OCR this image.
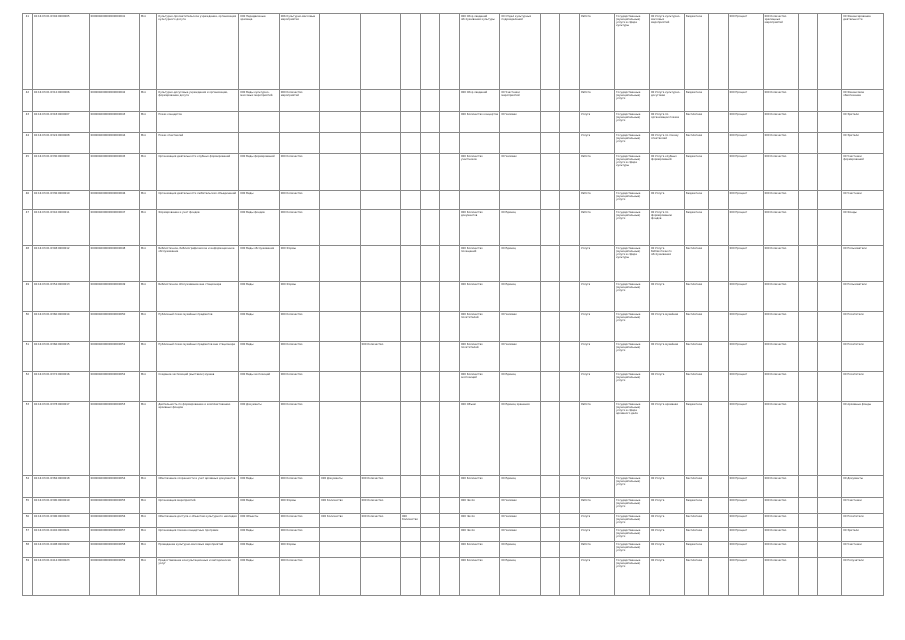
41	02:16:03:01:0304:0000005	000004000000000000041	Мсо	Культурно-просветительское учреждение, организация культурного досуга	000 Передвижные зрелища	006 Культурно-массовые мероприятия						000 Сбор сведений обслуживания культуры	00 Отдел культурных подразделений			Работа	Государственные (муниципальные) услуги в сфере культуры	00 Услуга культурно-массовых мероприятий	Бюджетное		000 Процент	000 Количество зрелищных мероприятий			00 Финансирование деятельности
42	02:16:03:01:0312:0000006	000004000000000000042	Мсо	Культурно-досуговые учреждения и организации, формирование досуга	000 Виды культурно-массовых мероприятий	000 Количество мероприятий						000 Сбор сведений	00 Участники мероприятий			Работа	Государственные (муниципальные) услуги	00 Услуга культурно-досуговая	Бюджетное		000 Процент	000 Количество			00 Финансовое обеспечение
43	02:16:03:01:0318:0000007	000004000000000000043	Мсо	Показ концертов								000 Количество концертов	00 Человек			Услуга	Государственные (муниципальные) услуги	00 Услуга по организации показа	Бесплатная		000 Процент	000 Количество			00 Зрители
44	02:16:03:01:0324:0000008	000004000000000000044	Мсо	Показ спектаклей												Услуга	Государственные (муниципальные) услуги	00 Услуга по показу спектаклей	Бесплатная		000 Процент	000 Количество			00 Зрители
45	02:16:03:01:0330:0000009	000004000000000000045	Мсо	Организация деятельности клубных формирований	000 Виды формирований	000 Количество						000 Количество участников	00 Человек			Работа	Государственные (муниципальные) услуги в сфере культуры	00 Услуга клубных формирований	Бюджетное		000 Процент	000 Количество			00 Участники формирований
46	02:16:03:01:0336:0000010	000004000000000000046	Мсо	Организация деятельности любительских объединений	000 Виды	000 Количество										Работа	Государственные (муниципальные) услуги	00 Услуга	Бюджетное		000 Процент	000 Количество			00 Участники
47	02:16:03:01:0342:0000011	000004000000000000047	Мсо	Формирование и учет фондов	000 Виды фондов	000 Количество						000 Количество документов	00 Единиц			Работа	Государственные (муниципальные) услуги	00 Услуга по формированию фондов	Бюджетное		000 Процент	000 Количество			00 Фонды
48	02:16:03:01:0348:0000012	000004000000000000048	Мсо	Библиотечное, библиографическое и информационное обслуживание	000 Виды обслуживания	000 Формы						000 Количество посещений	00 Единиц			Услуга	Государственные (муниципальные) услуги в сфере культуры	00 Услуга библиотечного обслуживания	Бесплатная		000 Процент	000 Количество			00 Пользователи
49	02:16:03:01:0354:0000013	000004000000000000049	Мсо	Библиотечное обслуживание вне стационара	000 Виды	000 Формы						000 Количество	00 Единиц			Услуга	Государственные (муниципальные) услуги	00 Услуга	Бесплатная		000 Процент	000 Количество			00 Пользователи
50	02:16:03:01:0360:0000014	000004000000000000050	Мсо	Публичный показ музейных предметов	000 Виды	000 Количество						000 Количество посетителей	00 Человек			Услуга	Государственные (муниципальные) услуги	00 Услуга музейная	Бесплатная		000 Процент	000 Количество			00 Посетители
51	02:16:03:01:0366:0000015	000004000000000000051	Мсо	Публичный показ музейных предметов вне стационара	000 Виды	000 Количество		000 Количество				000 Количество посетителей	00 Человек			Услуга	Государственные (муниципальные) услуги	00 Услуга музейная	Бесплатная		000 Процент	000 Количество			00 Посетители
52	02:16:03:01:0372:0000016	000004000000000000052	Мсо	Создание экспозиций (выставок) музеев	000 Виды экспозиций	000 Количество						000 Количество экспозиций	00 Единиц			Услуга	Государственные (муниципальные) услуги	00 Услуга	Бесплатная		000 Процент	000 Количество			00 Посетители
53	02:16:03:01:0378:0000017	000004000000000000053	Мсо	Деятельность по формированию и комплектованию архивных фондов	000 Документы	000 Количество						000 Объем	00 Единиц хранения			Работа	Государственные (муниципальные) услуги в сфере архивного дела	00 Услуга архивная	Бюджетное		000 Процент	000 Количество			00 Архивные фонды
54	02:16:03:01:0384:0000018	000004000000000000054	Мсо	Обеспечение сохранности и учет архивных документов	000 Виды	000 Количество	000 Документы	000 Количество				000 Количество	00 Единиц			Услуга	Государственные (муниципальные) услуги	00 Услуга	Бесплатная		000 Процент	000 Количество			00 Документы
55	02:16:03:01:0390:0000019	000004000000000000055	Мсо	Организация мероприятий	000 Виды	000 Формы	000 Количество	000 Количество				000 Число	00 Человек			Работа	Государственные (муниципальные) услуги	00 Услуга	Бюджетное		000 Процент	000 Количество			00 Участники
56	02:16:03:01:0396:0000020	000004000000000000056	Мсо	Обеспечение доступа к объектам культурного наследия	000 Объекты	000 Количество	000 Количество	000 Количество	000 Количество			000 Число	00 Человек			Услуга	Государственные (муниципальные) услуги	00 Услуга	Бесплатная		000 Процент	000 Количество			00 Посетители
57	02:16:03:01:0402:0000021	000004000000000000057	Мсо	Организация показа концертных программ	000 Виды	000 Количество						000 Число	00 Человек			Услуга	Государственные (муниципальные) услуги	00 Услуга	Бесплатная		000 Процент	000 Количество			00 Зрители
58	02:16:03:01:0408:0000022	000004000000000000058	Мсо	Проведение культурно-массовых мероприятий	000 Виды	000 Формы						000 Количество	00 Единиц			Работа	Государственные (муниципальные) услуги	00 Услуга	Бюджетное		000 Процент	000 Количество			00 Участники
59	02:16:03:01:0414:0000023	000004000000000000059	Мсо	Предоставление консультационных и методических услуг	000 Виды	000 Количество						000 Количество	00 Единиц			Услуга	Государственные (муниципальные) услуги	00 Услуга	Бесплатная		000 Процент	000 Количество			00 Получатели
